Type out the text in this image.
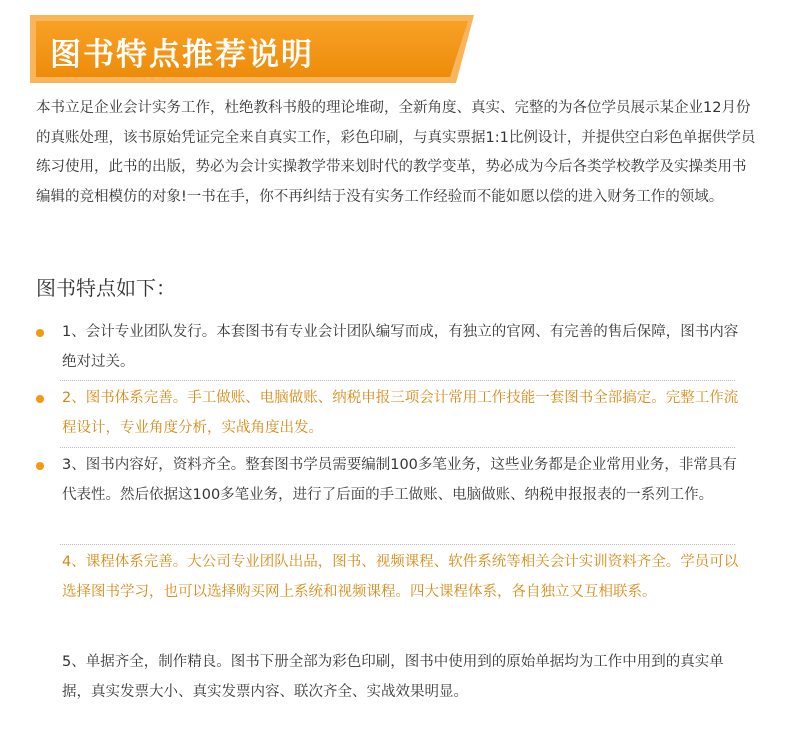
图书特点推荐说明
本书立足企业会计实务工作，杜绝教科书般的理论堆砌，全新角度、真实、完整的为各位学员展示某企业12月份的真账处理，该书原始凭证完全来自真实工作，彩色印刷，与真实票据1:1比例设计，并提供空白彩色单据供学员练习使用，此书的出版，势必为会计实操教学带来划时代的教学变革，势必成为今后各类学校教学及实操类用书编辑的竞相模仿的对象!一书在手，你不再纠结于没有实务工作经验而不能如愿以偿的进入财务工作的领域。
图书特点如下：
1、会计专业团队发行。本套图书有专业会计团队编写而成，有独立的官网、有完善的售后保障，图书内容绝对过关。
2、图书体系完善。手工做账、电脑做账、纳税申报三项会计常用工作技能一套图书全部搞定。完整工作流程设计，专业角度分析，实战角度出发。
3、图书内容好，资料齐全。整套图书学员需要编制100多笔业务，这些业务都是企业常用业务，非常具有代表性。然后依据这100多笔业务，进行了后面的手工做账、电脑做账、纳税申报报表的一系列工作。
4、课程体系完善。大公司专业团队出品，图书、视频课程、软件系统等相关会计实训资料齐全。学员可以选择图书学习，也可以选择购买网上系统和视频课程。四大课程体系，各自独立又互相联系。
5、单据齐全，制作精良。图书下册全部为彩色印刷，图书中使用到的原始单据均为工作中用到的真实单据，真实发票大小、真实发票内容、联次齐全、实战效果明显。
